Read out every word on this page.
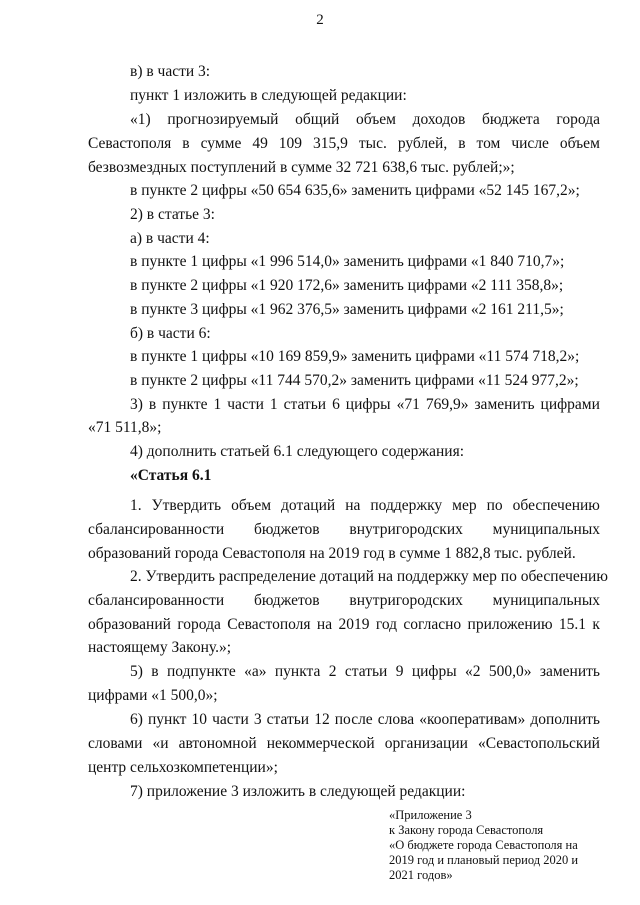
2
в) в части 3:
пункт 1 изложить в следующей редакции:
«1) прогнозируемый общий объем доходов бюджета города
Севастополя в сумме 49 109 315,9 тыс. рублей, в том числе объем
безвозмездных поступлений в сумме 32 721 638,6 тыс. рублей;»;
в пункте 2 цифры «50 654 635,6» заменить цифрами «52 145 167,2»;
2) в статье 3:
а) в части 4:
в пункте 1 цифры «1 996 514,0» заменить цифрами «1 840 710,7»;
в пункте 2 цифры «1 920 172,6» заменить цифрами «2 111 358,8»;
в пункте 3 цифры «1 962 376,5» заменить цифрами «2 161 211,5»;
б) в части 6:
в пункте 1 цифры «10 169 859,9» заменить цифрами «11 574 718,2»;
в пункте 2 цифры «11 744 570,2» заменить цифрами «11 524 977,2»;
3) в пункте 1 части 1 статьи 6 цифры «71 769,9» заменить цифрами
«71 511,8»;
4) дополнить статьей 6.1 следующего содержания:
«Статья 6.1
1. Утвердить объем дотаций на поддержку мер по обеспечению
сбалансированности бюджетов внутригородских муниципальных
образований города Севастополя на 2019 год в сумме 1 882,8 тыс. рублей.
2. Утвердить распределение дотаций на поддержку мер по обеспечению
сбалансированности бюджетов внутригородских муниципальных
образований города Севастополя на 2019 год согласно приложению 15.1 к
настоящему Закону.»;
5) в подпункте «а» пункта 2 статьи 9 цифры «2 500,0» заменить
цифрами «1 500,0»;
6) пункт 10 части 3 статьи 12 после слова «кооперативам» дополнить
словами «и автономной некоммерческой организации «Севастопольский
центр сельхозкомпетенции»;
7) приложение 3 изложить в следующей редакции:
«Приложение 3
к Закону города Севастополя
«О бюджете города Севастополя на
2019 год и плановый период 2020 и
2021 годов»
